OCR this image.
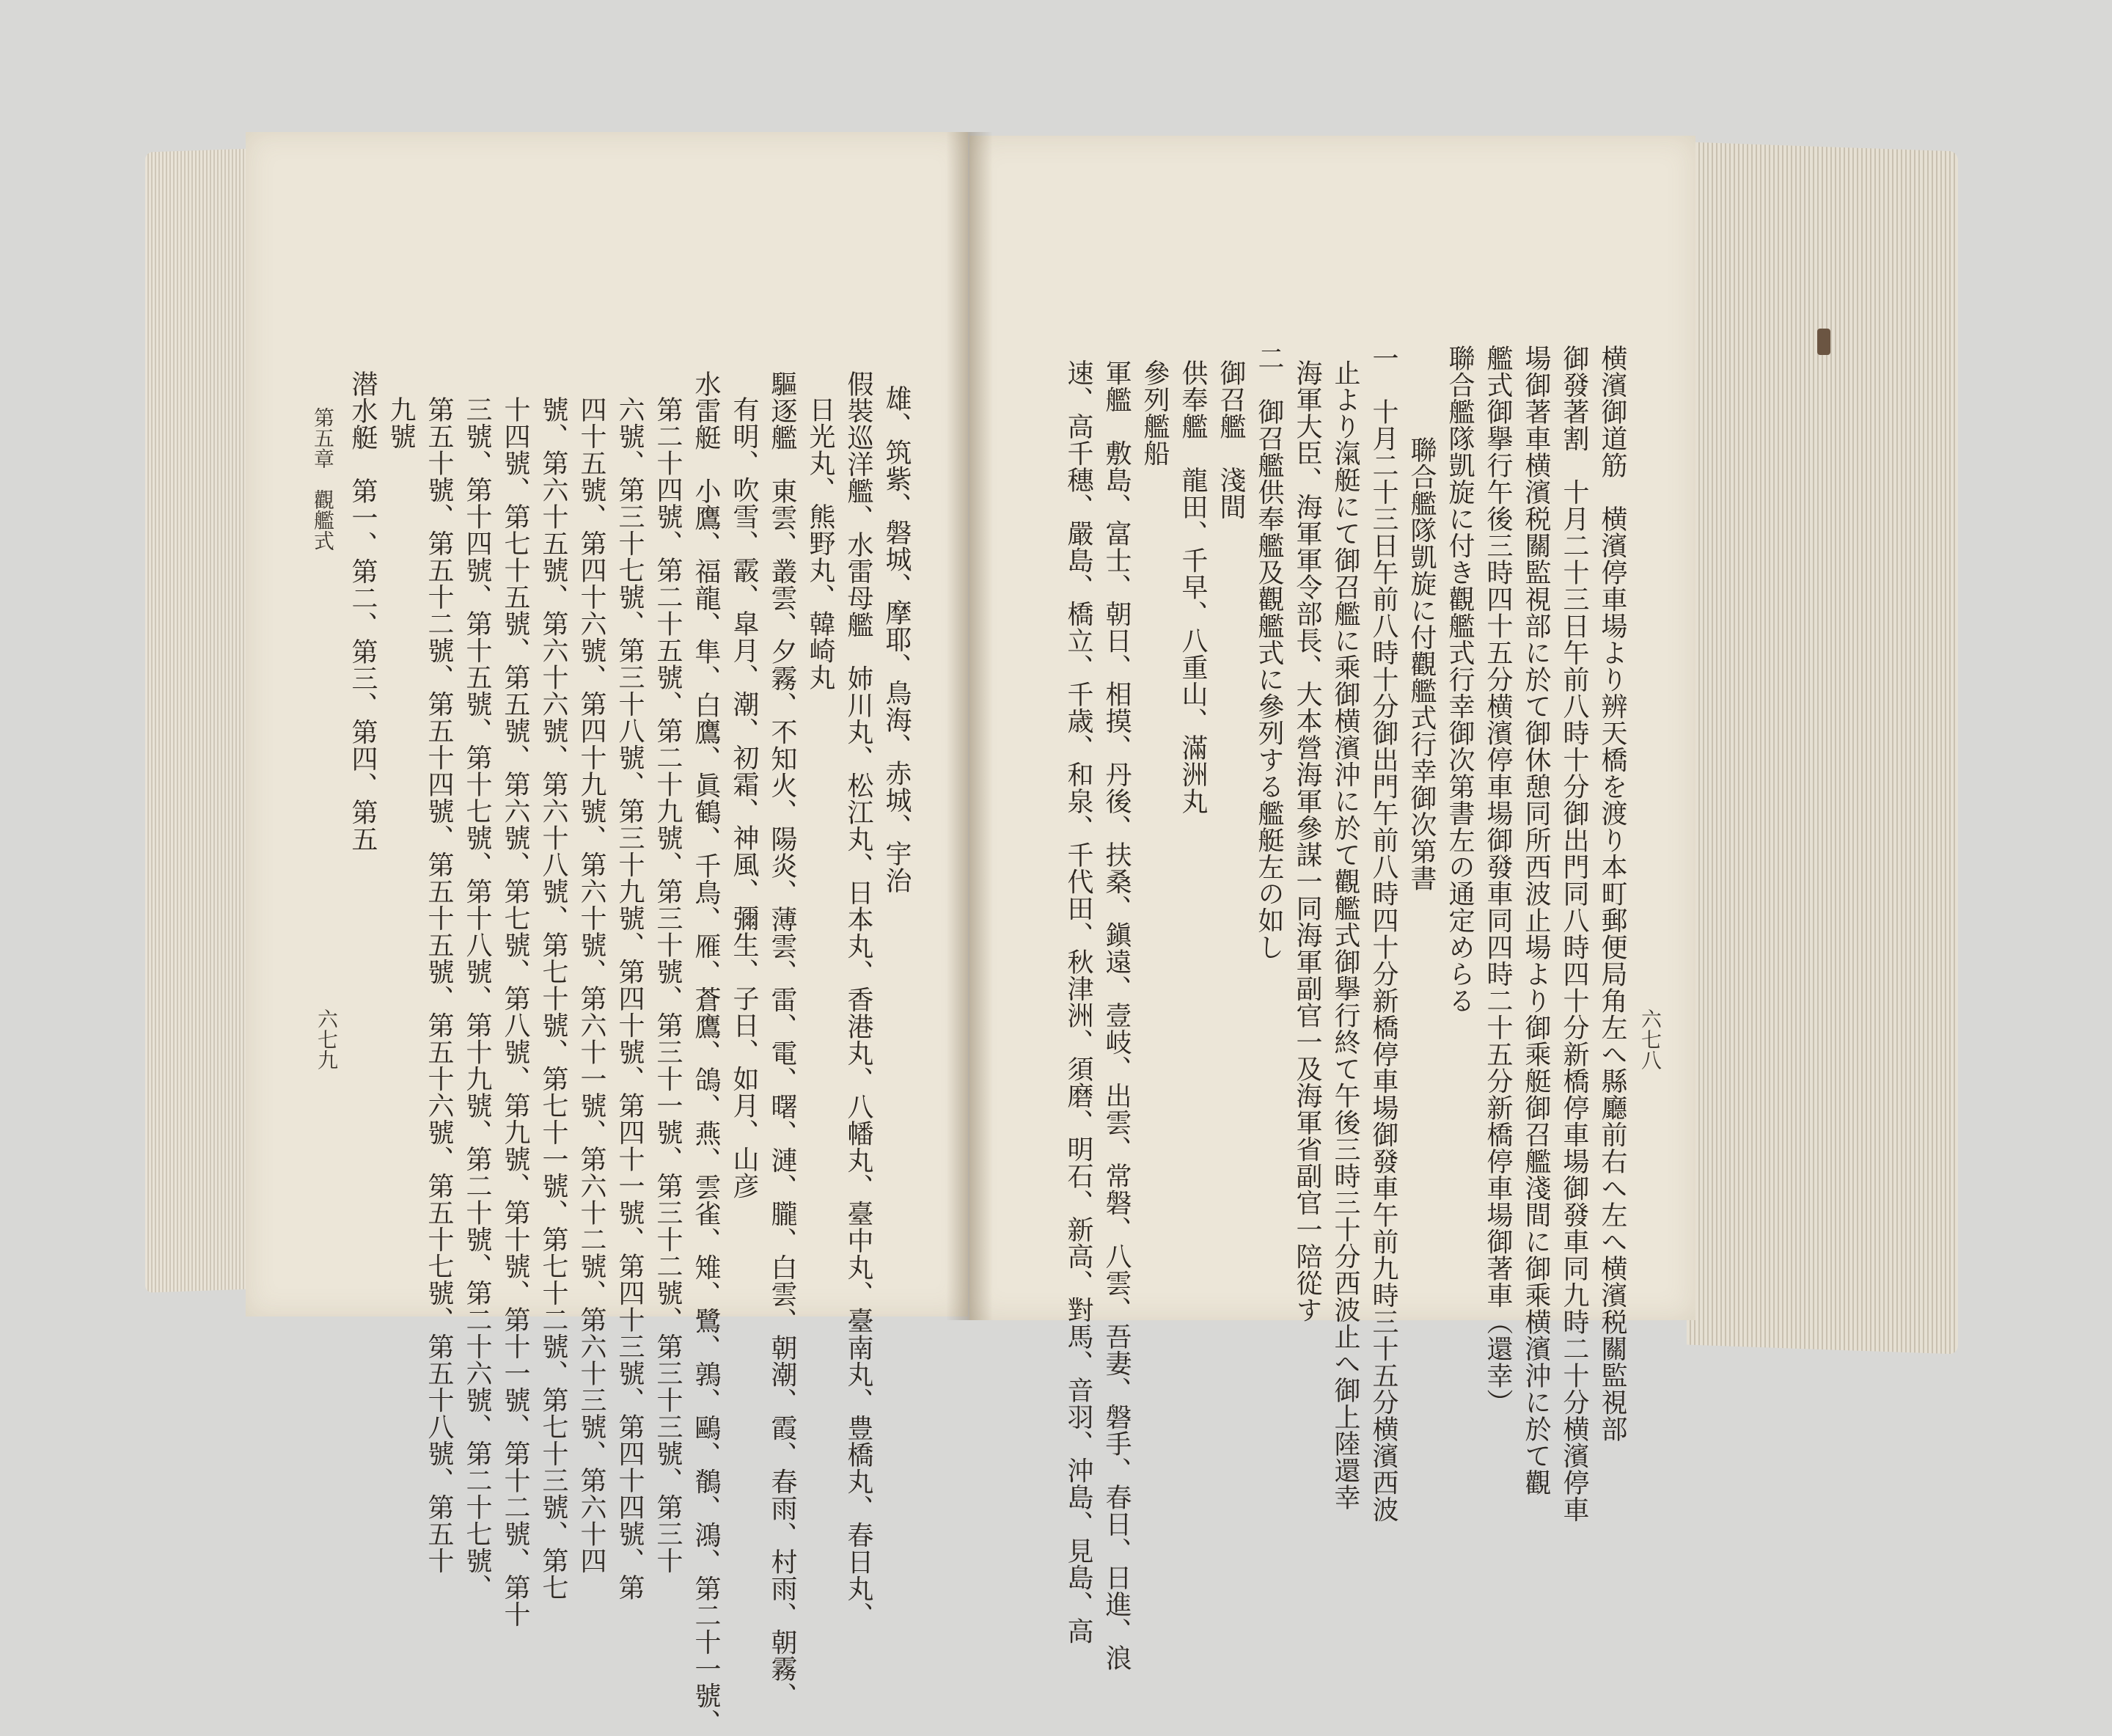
六七八
横濱御道筋　横濱停車場より辨天橋を渡り本町郵便局角左へ縣廳前右へ左へ横濱税關監視部
御發著割　十月二十三日午前八時十分御出門同八時四十分新橋停車場御發車同九時二十分横濱停車
場御著車横濱税關監視部に於て御休憩同所西波止場より御乘艇御召艦淺間に御乘横濱沖に於て觀
艦式御擧行午後三時四十五分横濱停車場御發車同四時二十五分新橋停車場御著車（還幸）
聯合艦隊凱旋に付き觀艦式行幸御次第書左の通定めらる
聯合艦隊凱旋に付觀艦式行幸御次第書
一　十月二十三日午前八時十分御出門午前八時四十分新橋停車場御發車午前九時三十五分横濱西波
止より滊艇にて御召艦に乘御横濱沖に於て觀艦式御擧行終て午後三時三十分西波止へ御上陸還幸
海軍大臣、海軍軍令部長、大本營海軍參謀一同海軍副官一及海軍省副官一陪從す
二　御召艦供奉艦及觀艦式に參列する艦艇左の如し
御召艦　淺間
供奉艦　龍田、千早、八重山、滿洲丸
參列艦船
軍艦　敷島、富士、朝日、相摸、丹後、扶桑、鎭遠、壹岐、出雲、常磐、八雲、吾妻、磐手、春日、日進、浪
速、高千穗、嚴島、橋立、千歳、和泉、千代田、秋津洲、須磨、明石、新高、對馬、音羽、沖島、見島、高
雄、筑紫、磐城、摩耶、鳥海、赤城、宇治
假裝巡洋艦、水雷母艦　姉川丸、松江丸、日本丸、香港丸、八幡丸、臺中丸、臺南丸、豊橋丸、春日丸、
日光丸、熊野丸、韓崎丸
驅逐艦　東雲、叢雲、夕霧、不知火、陽炎、薄雲、雷、電、曙、漣、朧、白雲、朝潮、霞、春雨、村雨、朝霧、
有明、吹雪、霰、皐月、潮、初霜、神風、彌生、子日、如月、山彦
水雷艇　小鷹、福龍、隼、白鷹、眞鶴、千鳥、雁、蒼鷹、鴿、燕、雲雀、雉、鷺、鶉、鷗、鶺、鴻、第二十一號、
第二十四號、第二十五號、第二十九號、第三十號、第三十一號、第三十二號、第三十三號、第三十
六號、第三十七號、第三十八號、第三十九號、第四十號、第四十一號、第四十三號、第四十四號、第
四十五號、第四十六號、第四十九號、第六十號、第六十一號、第六十二號、第六十三號、第六十四
號、第六十五號、第六十六號、第六十八號、第七十號、第七十一號、第七十二號、第七十三號、第七
十四號、第七十五號、第五號、第六號、第七號、第八號、第九號、第十號、第十一號、第十二號、第十
三號、第十四號、第十五號、第十七號、第十八號、第十九號、第二十號、第二十六號、第二十七號、
第五十號、第五十二號、第五十四號、第五十五號、第五十六號、第五十七號、第五十八號、第五十
九號
潜水艇　第一、第二、第三、第四、第五
第五章　觀艦式
六七九
